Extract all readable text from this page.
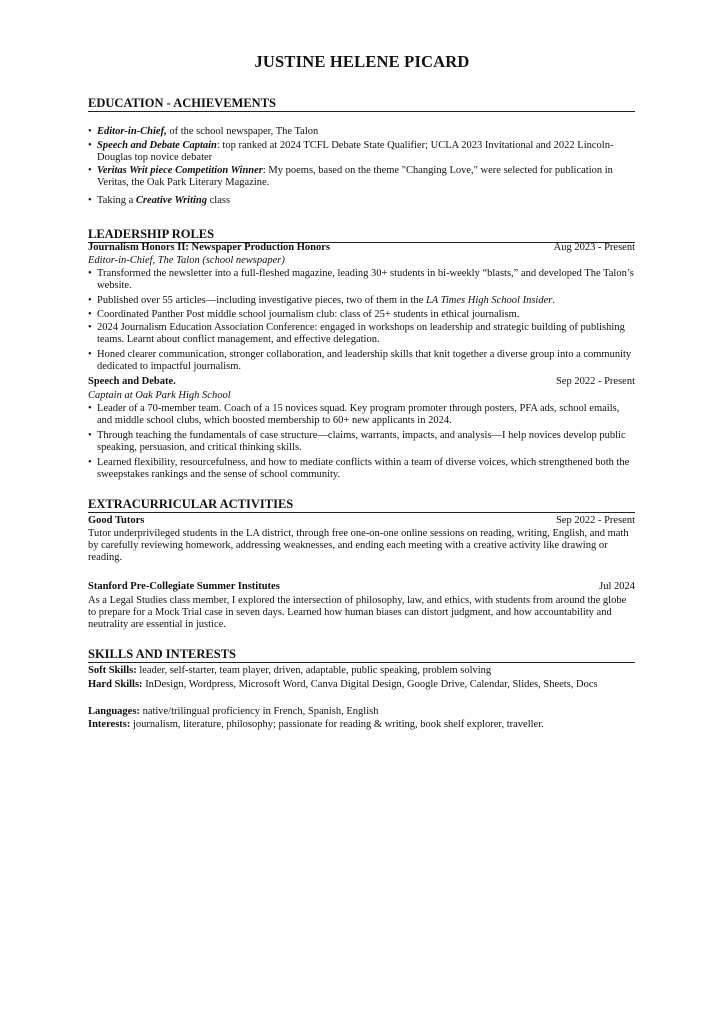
JUSTINE HELENE PICARD
EDUCATION - ACHIEVEMENTS
• Editor-in-Chief, of the school newspaper, The Talon
• Speech and Debate Captain: top ranked at 2024 TCFL Debate State Qualifier; UCLA 2023 Invitational and 2022 Lincoln-Douglas top novice debater
• Veritas Writ piece Competition Winner: My poems, based on the theme "Changing Love," were selected for publication in Veritas, the Oak Park Literary Magazine.
• Taking a Creative Writing class
LEADERSHIP ROLES
Journalism Honors II: Newspaper Production Honors	Aug 2023 - Present
Editor-in-Chief, The Talon (school newspaper)
• Transformed the newsletter into a full-fleshed magazine, leading 30+ students in bi-weekly “blasts,” and developed The Talon’s website.
• Published over 55 articles—including investigative pieces, two of them in the LA Times High School Insider.
• Coordinated Panther Post middle school journalism club: class of 25+ students in ethical journalism.
• 2024 Journalism Education Association Conference: engaged in workshops on leadership and strategic building of publishing teams. Learnt about conflict management, and effective delegation.
• Honed clearer communication, stronger collaboration, and leadership skills that knit together a diverse group into a community dedicated to impactful journalism.
Speech and Debate.	Sep 2022 - Present
Captain at Oak Park High School
• Leader of a 70-member team. Coach of a 15 novices squad. Key program promoter through posters, PFA ads, school emails, and middle school clubs, which boosted membership to 60+ new applicants in 2024.
• Through teaching the fundamentals of case structure—claims, warrants, impacts, and analysis—I help novices develop public speaking, persuasion, and critical thinking skills.
• Learned flexibility, resourcefulness, and how to mediate conflicts within a team of diverse voices, which strengthened both the sweepstakes rankings and the sense of school community.
EXTRACURRICULAR ACTIVITIES
Good Tutors	Sep 2022 - Present
Tutor underprivileged students in the LA district, through free one-on-one online sessions on reading, writing, English, and math by carefully reviewing homework, addressing weaknesses, and ending each meeting with a creative activity like drawing or reading.
Stanford Pre-Collegiate Summer Institutes	Jul 2024
As a Legal Studies class member, I explored the intersection of philosophy, law, and ethics, with students from around the globe to prepare for a Mock Trial case in seven days. Learned how human biases can distort judgment, and how accountability and neutrality are essential in justice.
SKILLS AND INTERESTS
Soft Skills: leader, self-starter, team player, driven, adaptable, public speaking, problem solving
Hard Skills: InDesign, Wordpress, Microsoft Word, Canva Digital Design, Google Drive, Calendar, Slides, Sheets, Docs
Languages: native/trilingual proficiency in French, Spanish, English
Interests: journalism, literature, philosophy; passionate for reading & writing, book shelf explorer, traveller.
